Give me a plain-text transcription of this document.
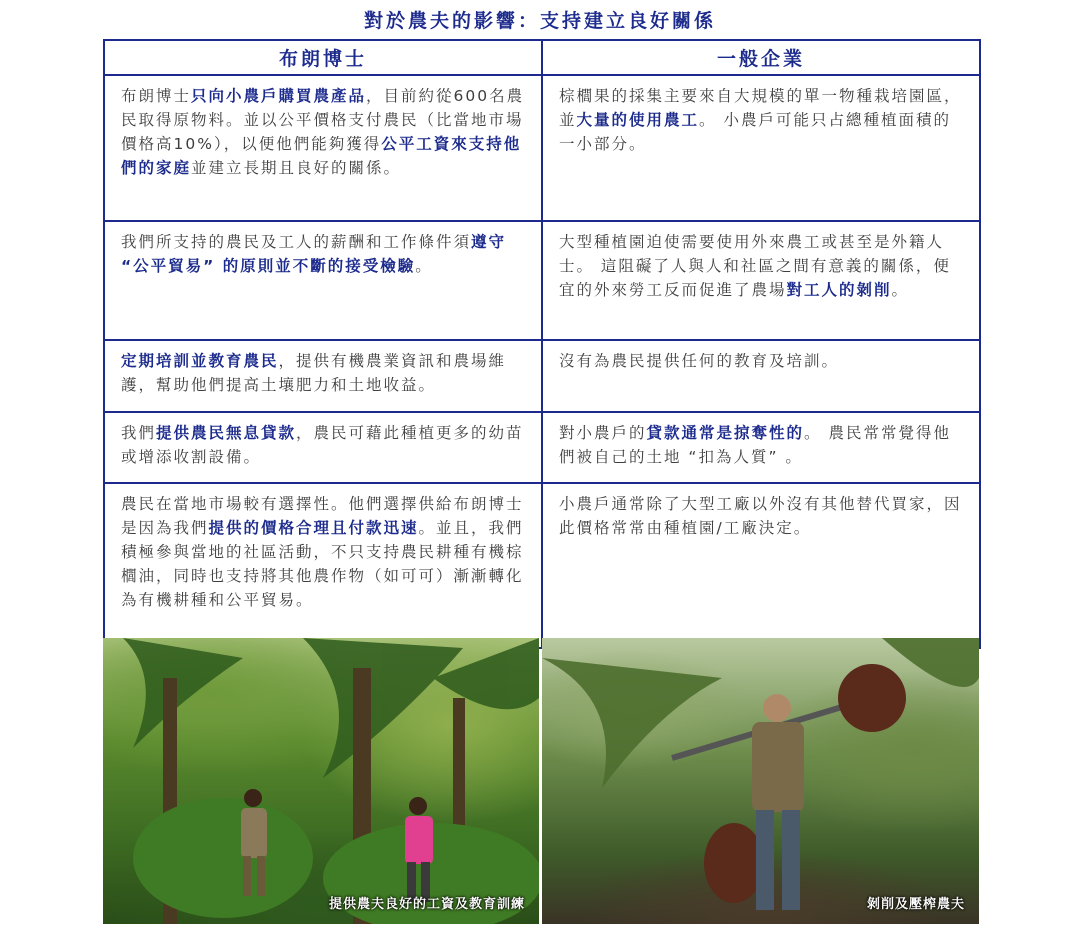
對於農夫的影響：支持建立良好關係
布朗博士	一般企業
布朗博士只向小農戶購買農產品，目前約從600名農民取得原物料。並以公平價格支付農民（比當地市場價格高10%），以便他們能夠獲得公平工資來支持他們的家庭並建立長期且良好的關係。	棕櫚果的採集主要來自大規模的單一物種栽培園區，並大量的使用農工。 小農戶可能只占總種植面積的一小部分。
我們所支持的農民及工人的薪酬和工作條件須遵守 “公平貿易” 的原則並不斷的接受檢驗。	大型種植園迫使需要使用外來農工或甚至是外籍人士。 這阻礙了人與人和社區之間有意義的關係，便宜的外來勞工反而促進了農場對工人的剝削。
定期培訓並教育農民，提供有機農業資訊和農場維護，幫助他們提高土壤肥力和土地收益。	沒有為農民提供任何的教育及培訓。
我們提供農民無息貸款，農民可藉此種植更多的幼苗或增添收割設備。	對小農戶的貸款通常是掠奪性的。 農民常常覺得他們被自己的土地 “扣為人質” 。
農民在當地市場較有選擇性。他們選擇供給布朗博士是因為我們提供的價格合理且付款迅速。並且，我們積極參與當地的社區活動，不只支持農民耕種有機棕櫚油，同時也支持將其他農作物（如可可）漸漸轉化為有機耕種和公平貿易。	小農戶通常除了大型工廠以外沒有其他替代買家，因此價格常常由種植園/工廠決定。
提供農夫良好的工資及教育訓練	剝削及壓榨農夫
